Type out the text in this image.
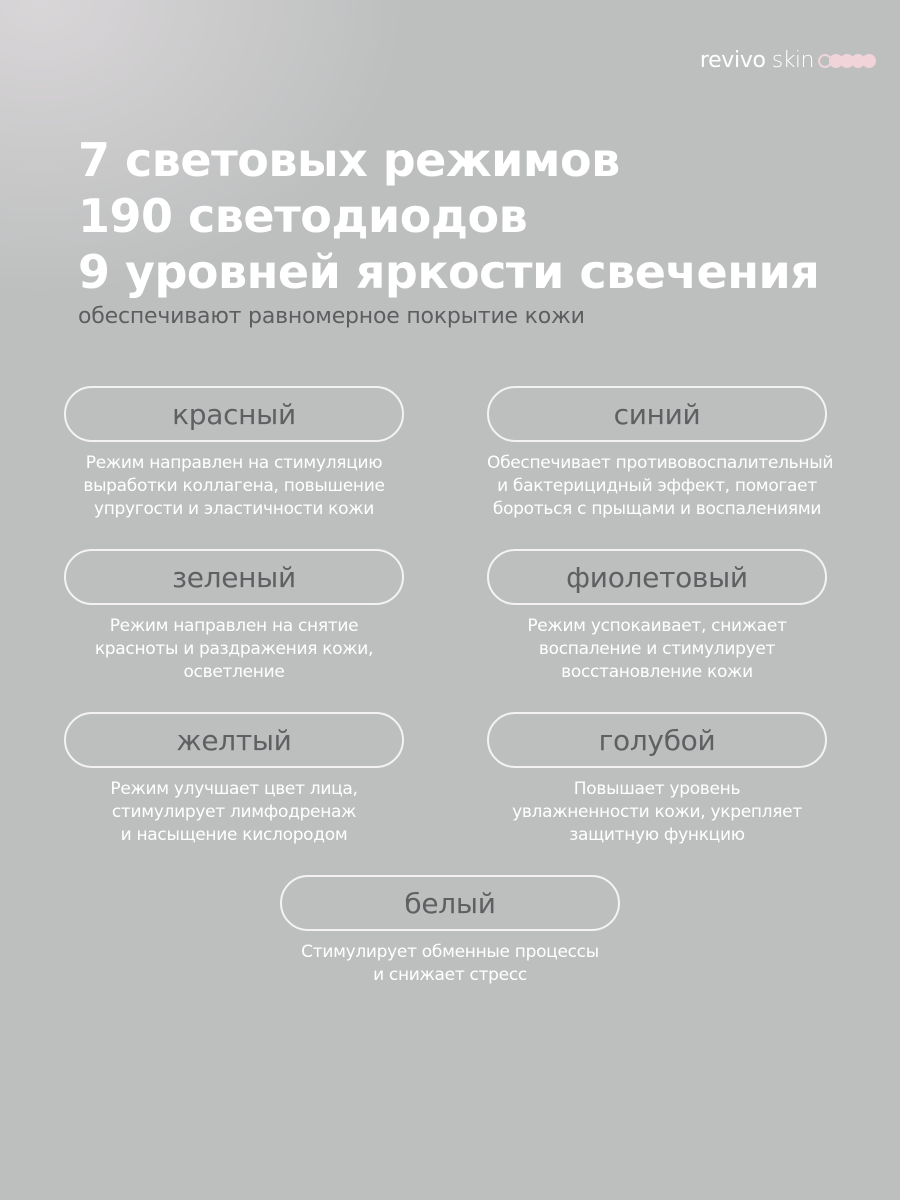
revivo skin
7 световых режимов
190 светодиодов
9 уровней яркости свечения
обеспечивают равномерное покрытие кожи
красный
Режим направлен на стимуляцию
выработки коллагена, повышение
упругости и эластичности кожи
синий
Обеспечивает противовоспалительный
и бактерицидный эффект, помогает
бороться с прыщами и воспалениями
зеленый
Режим направлен на снятие
красноты и раздражения кожи,
осветление
фиолетовый
Режим успокаивает, снижает
воспаление и стимулирует
восстановление кожи
желтый
Режим улучшает цвет лица,
стимулирует лимфодренаж
и насыщение кислородом
голубой
Повышает уровень
увлажненности кожи, укрепляет
защитную функцию
белый
Стимулирует обменные процессы
и снижает стресс
